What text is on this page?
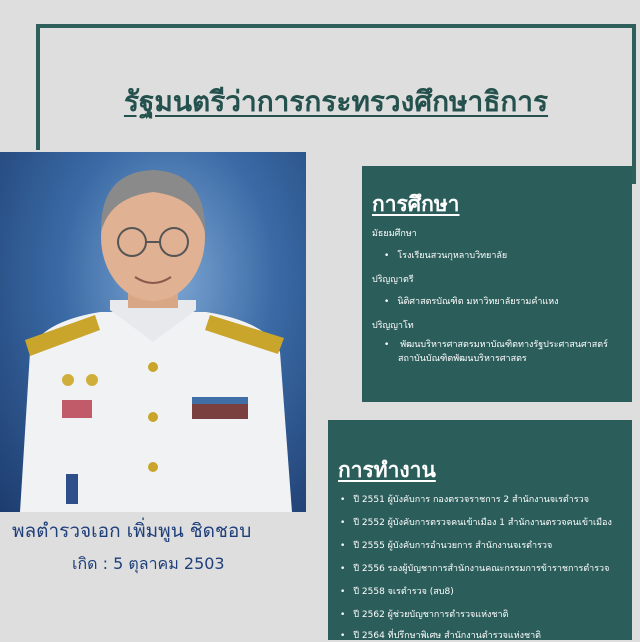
รัฐมนตรีว่าการกระทรวงศึกษาธิการ
การศึกษา
มัธยมศึกษา
• โรงเรียนสวนกุหลาบวิทยาลัย
ปริญญาตรี
• นิติศาสตรบัณฑิต มหาวิทยาลัยรามคำแหง
ปริญญาโท
• พัฒนบริหารศาสตรมหาบัณฑิตทางรัฐประศาสนศาสตร์
สถาบันบัณฑิตพัฒนบริหารศาสตร
การทำงาน
• ปี 2551 ผู้บังคับการ กองตรวจราชการ 2 สำนักงานจเรตำรวจ
• ปี 2552 ผู้บังคับการตรวจคนเข้าเมือง 1 สำนักงานตรวจคนเข้าเมือง
• ปี 2555 ผู้บังคับการอำนวยการ สำนักงานจเรตำรวจ
• ปี 2556 รองผู้บัญชาการสำนักงานคณะกรรมการข้าราชการตำรวจ
• ปี 2558 จเรตำรวจ (สบ8)
• ปี 2562 ผู้ช่วยบัญชาการตำรวจแห่งชาติ
• ปี 2564 ที่ปรึกษาพิเศษ สำนักงานตำรวจแห่งชาติ
พลตำรวจเอก เพิ่มพูน ชิดชอบ
เกิด : 5 ตุลาคม 2503
